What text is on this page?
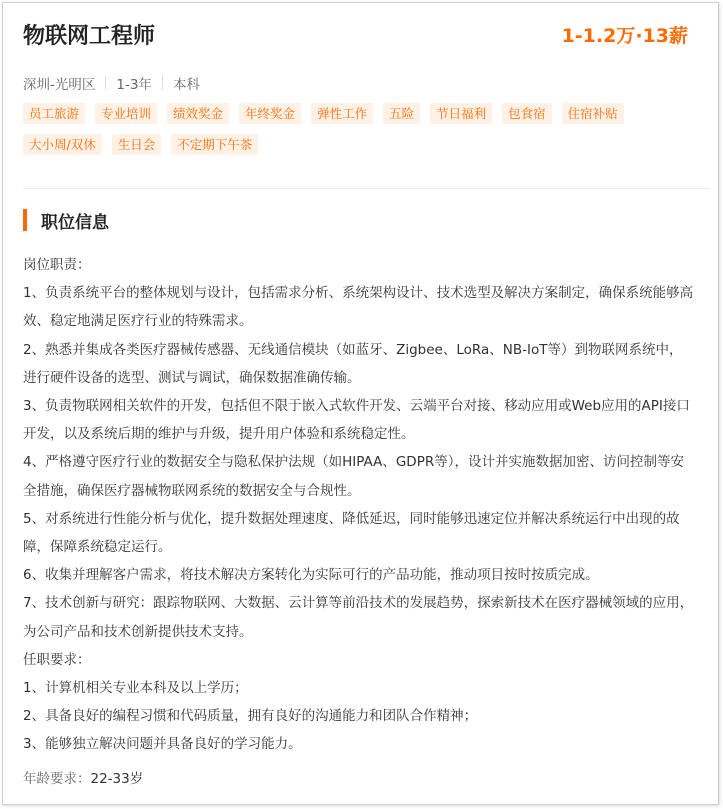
物联网工程师	1-1.2万·13薪
深圳-光明区 1-3年 本科
员工旅游	专业培训	绩效奖金	年终奖金	弹性工作	五险	节日福利	包食宿	住宿补贴
大小周/双休	生日会	不定期下午茶
职位信息

岗位职责：

1、负责系统平台的整体规划与设计，包括需求分析、系统架构设计、技术选型及解决方案制定，确保系统能够高效、稳定地满足医疗行业的特殊需求。

2、熟悉并集成各类医疗器械传感器、无线通信模块（如蓝牙、Zigbee、LoRa、NB-IoT等）到物联网系统中，进行硬件设备的选型、测试与调试，确保数据准确传输。

3、负责物联网相关软件的开发，包括但不限于嵌入式软件开发、云端平台对接、移动应用或Web应用的API接口开发，以及系统后期的维护与升级，提升用户体验和系统稳定性。

4、严格遵守医疗行业的数据安全与隐私保护法规（如HIPAA、GDPR等），设计并实施数据加密、访问控制等安全措施，确保医疗器械物联网系统的数据安全与合规性。

5、对系统进行性能分析与优化，提升数据处理速度、降低延迟，同时能够迅速定位并解决系统运行中出现的故障，保障系统稳定运行。

6、收集并理解客户需求，将技术解决方案转化为实际可行的产品功能，推动项目按时按质完成。

7、技术创新与研究：跟踪物联网、大数据、云计算等前沿技术的发展趋势，探索新技术在医疗器械领域的应用，为公司产品和技术创新提供技术支持。

任职要求：

1、计算机相关专业本科及以上学历；

2、具备良好的编程习惯和代码质量，拥有良好的沟通能力和团队合作精神；

3、能够独立解决问题并具备良好的学习能力。

年龄要求：22-33岁
